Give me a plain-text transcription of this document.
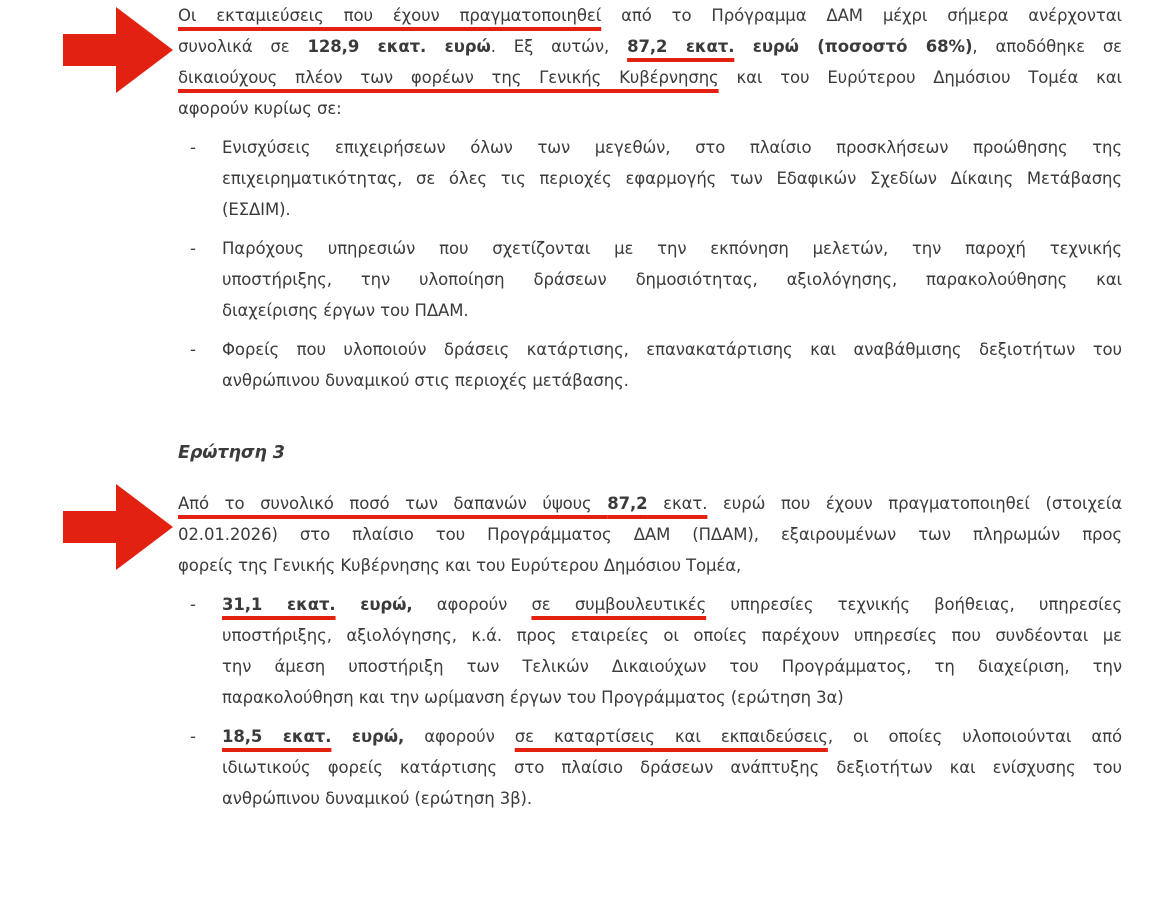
Οι εκταμιεύσεις που έχουν πραγματοποιηθεί από το Πρόγραμμα ΔΑΜ μέχρι σήμερα ανέρχονται
συνολικά σε 128,9 εκατ. ευρώ. Εξ αυτών, 87,2 εκατ. ευρώ (ποσοστό 68%), αποδόθηκε σε
δικαιούχους πλέον των φορέων της Γενικής Κυβέρνησης και του Ευρύτερου Δημόσιου Τομέα και
αφορούν κυρίως σε:
-	Ενισχύσεις επιχειρήσεων όλων των μεγεθών, στο πλαίσιο προσκλήσεων προώθησης της
επιχειρηματικότητας, σε όλες τις περιοχές εφαρμογής των Εδαφικών Σχεδίων Δίκαιης Μετάβασης
(ΕΣΔΙΜ).
-	Παρόχους υπηρεσιών που σχετίζονται με την εκπόνηση μελετών, την παροχή τεχνικής
υποστήριξης, την υλοποίηση δράσεων δημοσιότητας, αξιολόγησης, παρακολούθησης και
διαχείρισης έργων του ΠΔΑΜ.
-	Φορείς που υλοποιούν δράσεις κατάρτισης, επανακατάρτισης και αναβάθμισης δεξιοτήτων του
ανθρώπινου δυναμικού στις περιοχές μετάβασης.
Ερώτηση 3
Από το συνολικό ποσό των δαπανών ύψους 87,2 εκατ. ευρώ που έχουν πραγματοποιηθεί (στοιχεία
02.01.2026) στο πλαίσιο του Προγράμματος ΔΑΜ (ΠΔΑΜ), εξαιρουμένων των πληρωμών προς
φορείς της Γενικής Κυβέρνησης και του Ευρύτερου Δημόσιου Τομέα,
-	31,1 εκατ. ευρώ, αφορούν σε συμβουλευτικές υπηρεσίες τεχνικής βοήθειας, υπηρεσίες
υποστήριξης, αξιολόγησης, κ.ά. προς εταιρείες οι οποίες παρέχουν υπηρεσίες που συνδέονται με
την άμεση υποστήριξη των Τελικών Δικαιούχων του Προγράμματος, τη διαχείριση, την
παρακολούθηση και την ωρίμανση έργων του Προγράμματος (ερώτηση 3α)
-	18,5 εκατ. ευρώ, αφορούν σε καταρτίσεις και εκπαιδεύσεις, οι οποίες υλοποιούνται από
ιδιωτικούς φορείς κατάρτισης στο πλαίσιο δράσεων ανάπτυξης δεξιοτήτων και ενίσχυσης του
ανθρώπινου δυναμικού (ερώτηση 3β).
